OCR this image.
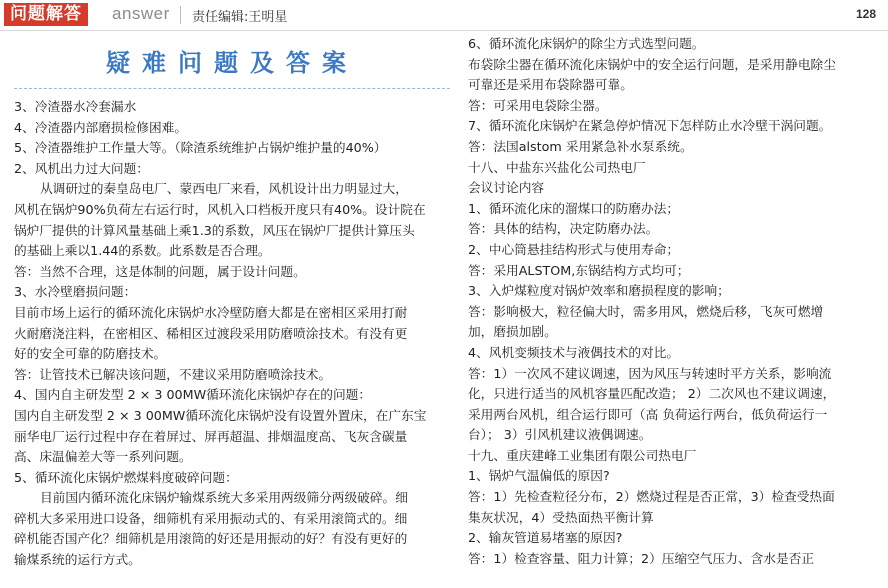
问题解答	answer 责任编辑:王明星	128
疑难问题及答案
3、冷渣器水冷套漏水
4、冷渣器内部磨损检修困难。
5、冷渣器维护工作量大等。（除渣系统维护占锅炉维护量的40%）
2、风机出力过大问题：
从调研过的秦皇岛电厂、蒙西电厂来看，风机设计出力明显过大，
风机在锅炉90%负荷左右运行时，风机入口档板开度只有40%。设计院在
锅炉厂提供的计算风量基础上乘1.3的系数，风压在锅炉厂提供计算压头
的基础上乘以1.44的系数。此系数是否合理。
答：当然不合理，这是体制的问题，属于设计问题。
3、水冷壁磨损问题：
目前市场上运行的循环流化床锅炉水冷壁防磨大都是在密相区采用打耐
火耐磨浇注料，在密相区、稀相区过渡段采用防磨喷涂技术。有没有更
好的安全可靠的防磨技术。
答：让管技术已解决该问题，不建议采用防磨喷涂技术。
4、国内自主研发型 2 × 3 00MW循环流化床锅炉存在的问题：
国内自主研发型 2 × 3 00MW循环流化床锅炉没有设置外置床，在广东宝
丽华电厂运行过程中存在着屏过、屏再超温、排烟温度高、飞灰含碳量
高、床温偏差大等一系列问题。
5、循环流化床锅炉燃煤料度破碎问题：
目前国内循环流化床锅炉输煤系统大多采用两级筛分两级破碎。细
碎机大多采用进口设备，细筛机有采用振动式的、有采用滚筒式的。细
碎机能否国产化？细筛机是用滚筒的好还是用振动的好？有没有更好的
输煤系统的运行方式。
6、循环流化床锅炉的除尘方式选型问题。
布袋除尘器在循环流化床锅炉中的安全运行问题，是采用静电除尘
可靠还是采用布袋除器可靠。
答：可采用电袋除尘器。
7、循环流化床锅炉在紧急停炉情况下怎样防止水冷壁干涡问题。
答：法国alstom 采用紧急补水泵系统。
十八、中盐东兴盐化公司热电厂
会议讨论内容
1、循环流化床的溜煤口的防磨办法；
答：具体的结构，决定防磨办法。
2、中心筒悬挂结构形式与使用寿命；
答：采用ALSTOM,东锅结构方式均可；
3、入炉煤粒度对锅炉效率和磨损程度的影响；
答：影响极大，粒径偏大时，需多用风，燃烧后移，飞灰可燃增
加，磨损加剧。
4、风机变频技术与液偶技术的对比。
答：1）一次风不建议调速，因为风压与转速时平方关系，影响流
化，只进行适当的风机容量匹配改造； 2）二次风也不建议调速，
采用两台风机，组合运行即可（高 负荷运行两台，低负荷运行一
台）； 3）引风机建议液偶调速。
十九、重庆建峰工业集团有限公司热电厂
1、锅炉气温偏低的原因?
答：1）先检查粒径分布，2）燃烧过程是否正常，3）检查受热面
集灰状况，4）受热面热平衡计算
2、输灰管道易堵塞的原因?
答：1）检查容量、阻力计算；2）压缩空气压力、含水是否正
